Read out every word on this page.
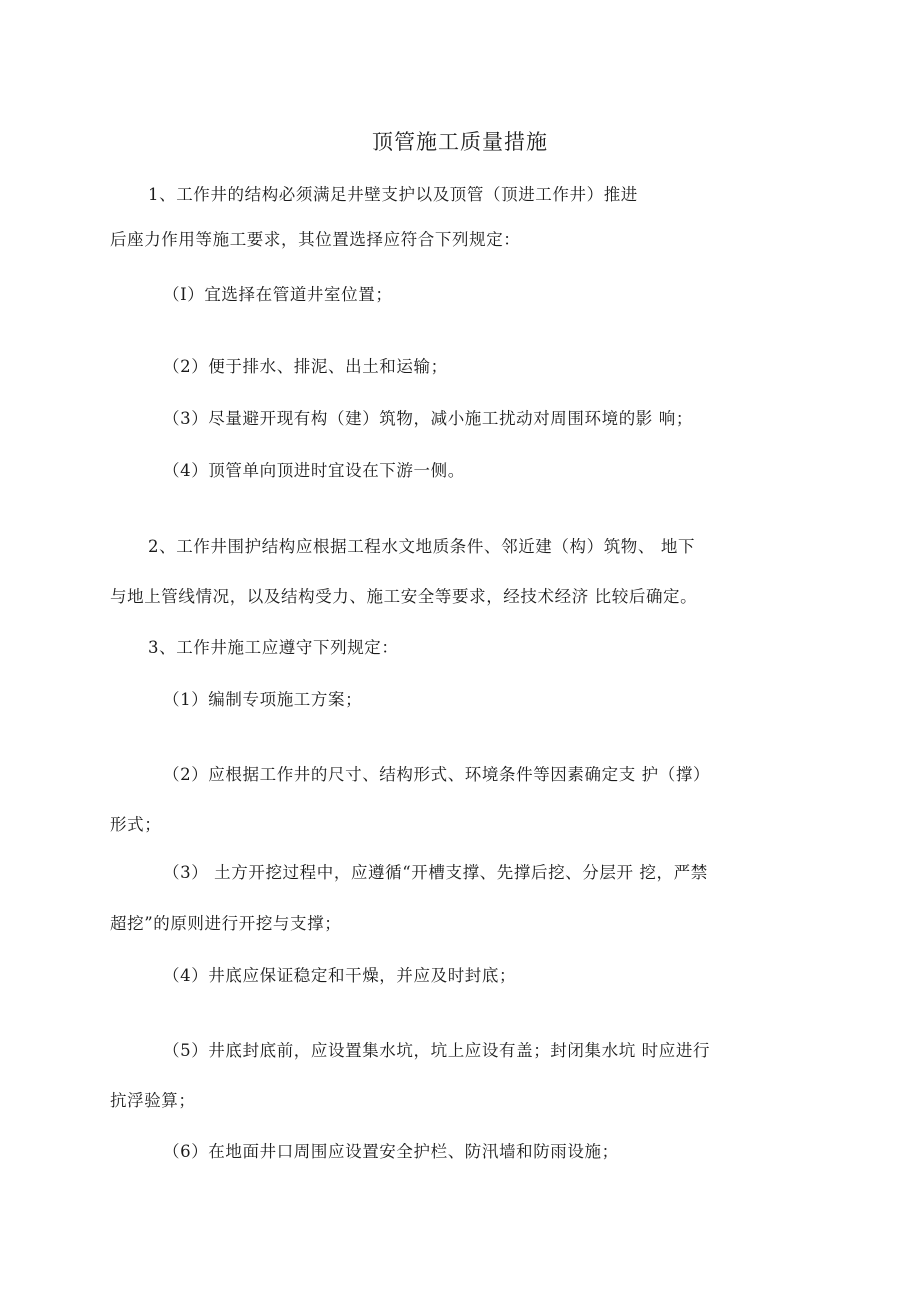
顶管施工质量措施
1、工作井的结构必须满足井壁支护以及顶管（顶进工作井）推进
后座力作用等施工要求，其位置选择应符合下列规定：
（I）宜选择在管道井室位置；
（2）便于排水、排泥、出土和运输；
（3）尽量避开现有构（建）筑物，减小施工扰动对周围环境的影 响；
（4）顶管单向顶进时宜设在下游一侧。
2、工作井围护结构应根据工程水文地质条件、邻近建（构）筑物、 地下
与地上管线情况，以及结构受力、施工安全等要求，经技术经济 比较后确定。
3、工作井施工应遵守下列规定：
（1）编制专项施工方案；
（2）应根据工作井的尺寸、结构形式、环境条件等因素确定支 护（撑）
形式；
（3） 土方开挖过程中，应遵循“开槽支撑、先撑后挖、分层开 挖，严禁
超挖”的原则进行开挖与支撑；
（4）井底应保证稳定和干燥，并应及时封底；
（5）井底封底前，应设置集水坑，坑上应设有盖；封闭集水坑 时应进行
抗浮验算；
（6）在地面井口周围应设置安全护栏、防汛墙和防雨设施；
